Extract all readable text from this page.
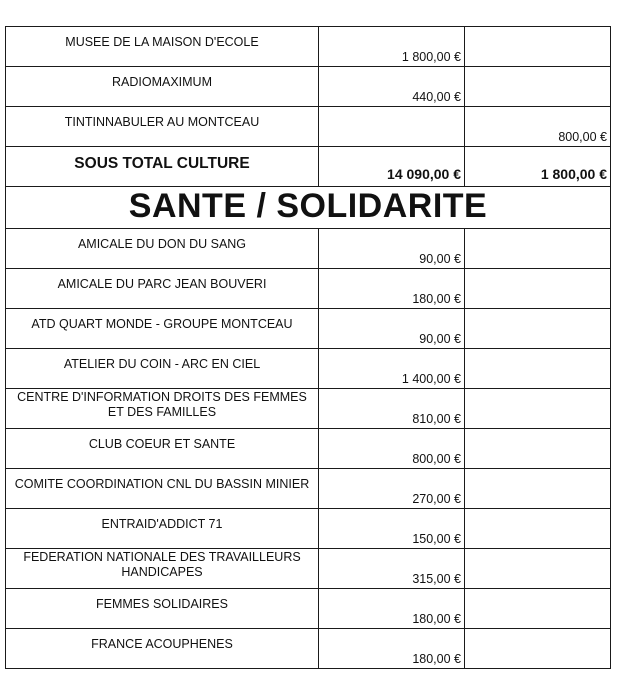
MUSEE DE LA MAISON D'ECOLE	1 800,00 €	
RADIOMAXIMUM	440,00 €	
TINTINNABULER AU MONTCEAU		800,00 €
SOUS TOTAL CULTURE	14 090,00 €	1 800,00 €
SANTE / SOLIDARITE		
AMICALE DU DON DU SANG	90,00 €	
AMICALE DU PARC JEAN BOUVERI	180,00 €	
ATD QUART MONDE - GROUPE MONTCEAU	90,00 €	
ATELIER DU COIN - ARC EN CIEL	1 400,00 €	
CENTRE D'INFORMATION DROITS DES FEMMES ET DES FAMILLES	810,00 €	
CLUB COEUR ET SANTE	800,00 €	
COMITE COORDINATION CNL DU BASSIN MINIER	270,00 €	
ENTRAID'ADDICT 71	150,00 €	
FEDERATION NATIONALE DES TRAVAILLEURS HANDICAPES	315,00 €	
FEMMES SOLIDAIRES	180,00 €	
FRANCE ACOUPHENES	180,00 €	
